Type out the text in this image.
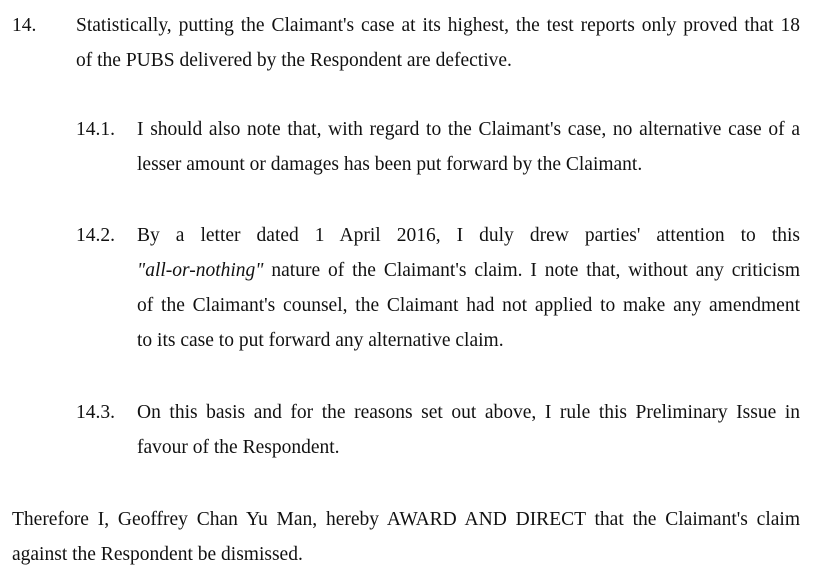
14. Statistically, putting the Claimant's case at its highest, the test reports only proved that 18
of the PUBS delivered by the Respondent are defective.
14.1. I should also note that, with regard to the Claimant's case, no alternative case of a
lesser amount or damages has been put forward by the Claimant.
14.2. By a letter dated 1 April 2016, I duly drew parties' attention to this
"all-or-nothing" nature of the Claimant's claim. I note that, without any criticism
of the Claimant's counsel, the Claimant had not applied to make any amendment
to its case to put forward any alternative claim.
14.3. On this basis and for the reasons set out above, I rule this Preliminary Issue in
favour of the Respondent.
Therefore I, Geoffrey Chan Yu Man, hereby AWARD AND DIRECT that the Claimant's claim
against the Respondent be dismissed.
